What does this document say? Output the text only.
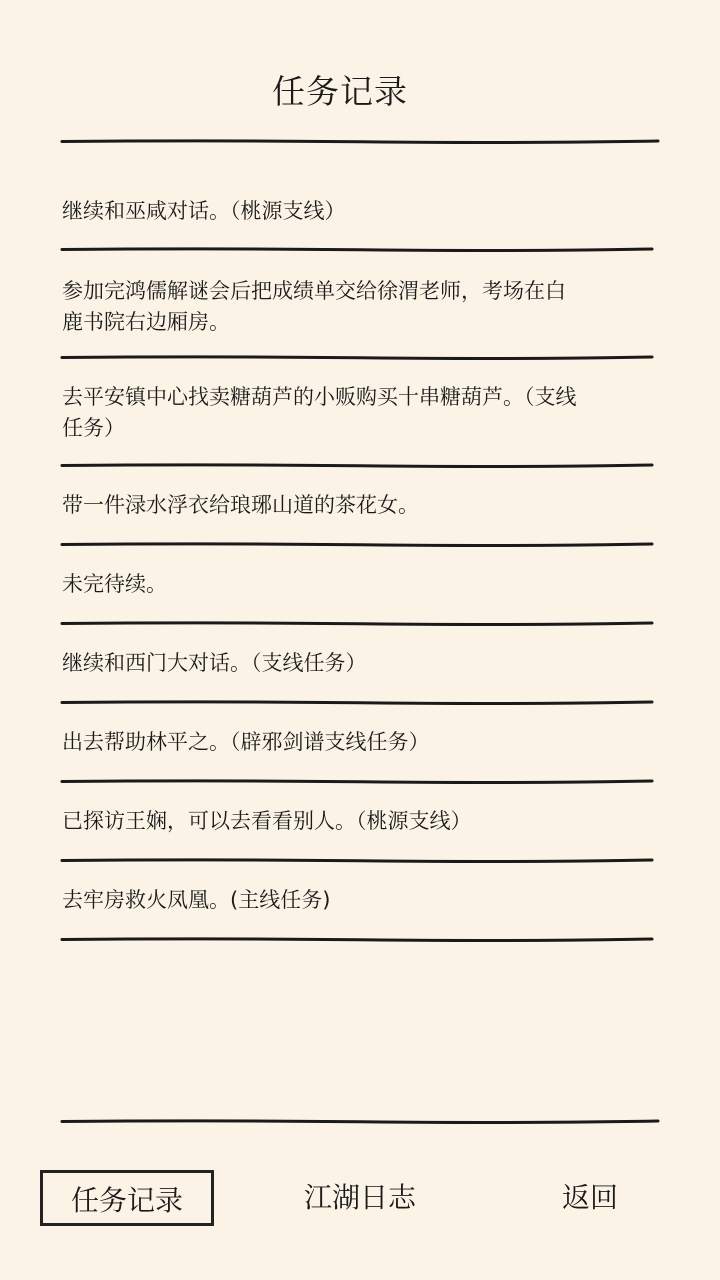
任务记录
继续和巫咸对话。（桃源支线）
参加完鸿儒解谜会后把成绩单交给徐渭老师，考场在白鹿书院右边厢房。
去平安镇中心找卖糖葫芦的小贩购买十串糖葫芦。（支线任务）
带一件渌水浮衣给琅琊山道的茶花女。
未完待续。
继续和西门大对话。（支线任务）
出去帮助林平之。（辟邪剑谱支线任务）
已探访王娴，可以去看看别人。（桃源支线）
去牢房救火凤凰。(主线任务)
任务记录	江湖日志	返回
